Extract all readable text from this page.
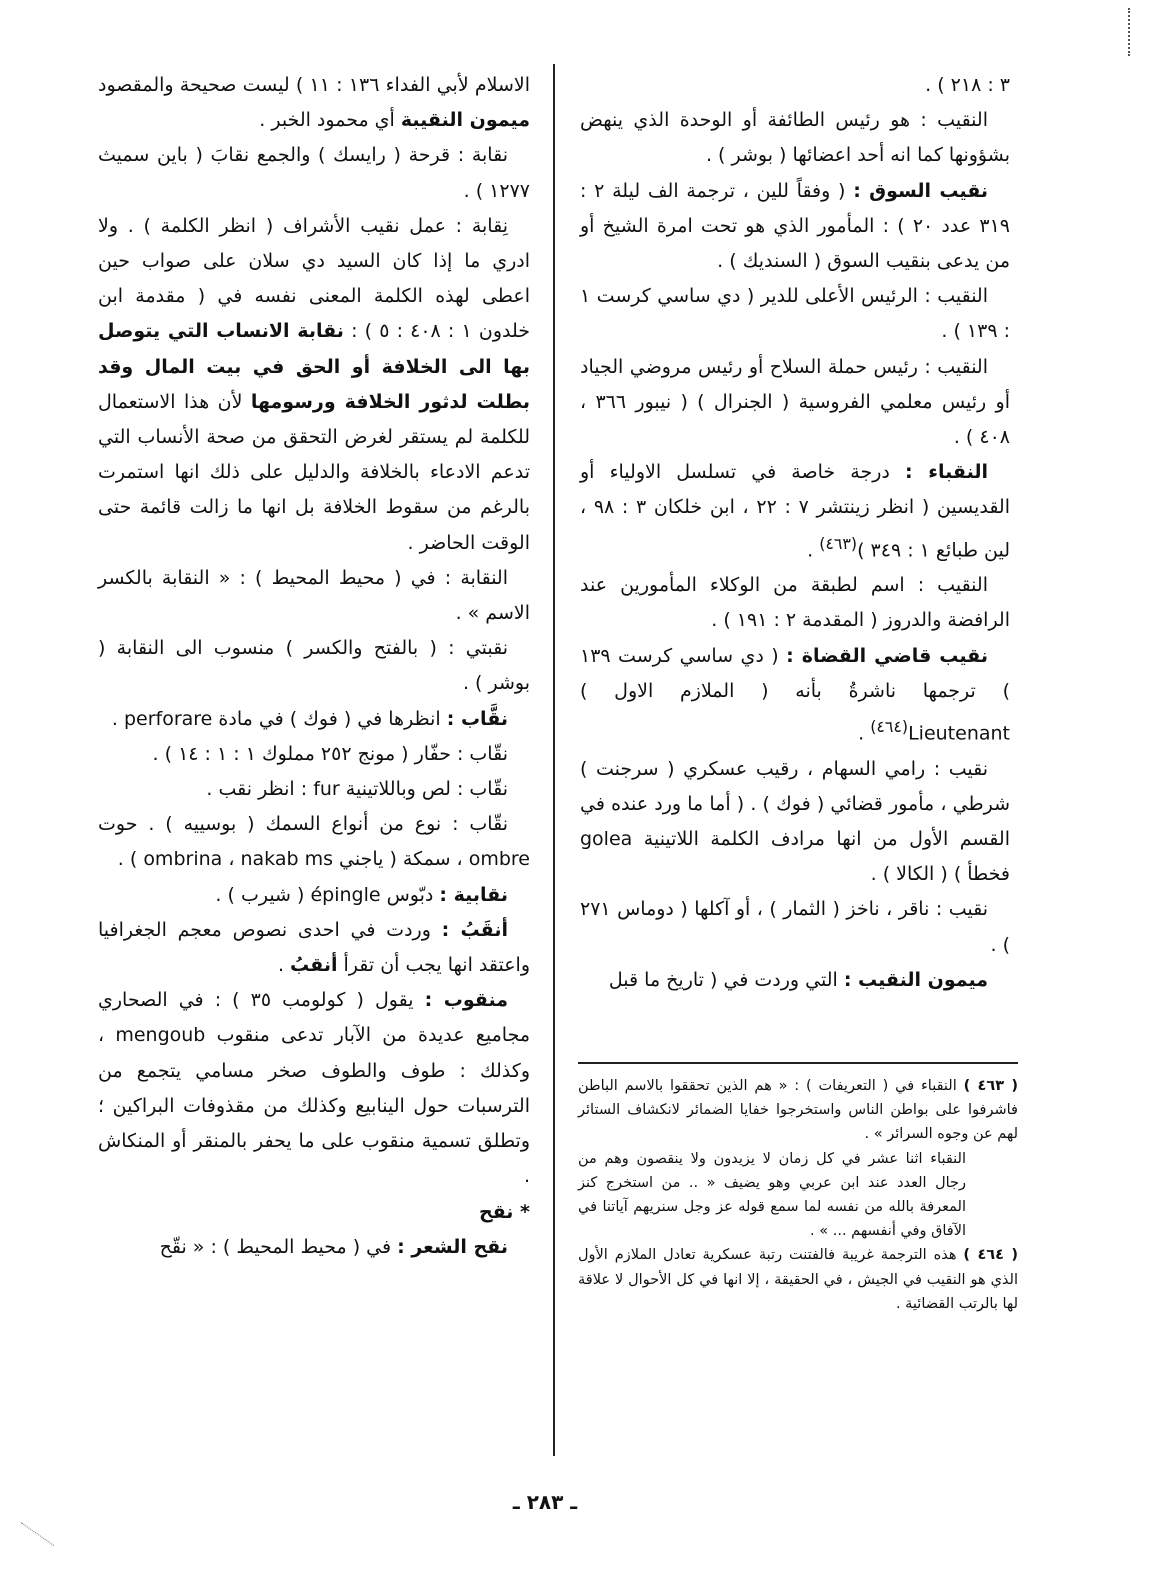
٣ : ٢١٨ ) .

النقيب : هو رئيس الطائفة أو الوحدة الذي ينهض بشؤونها كما انه أحد اعضائها ( بوشر ) .

نقيب السوق : ( وفقاً للين ، ترجمة الف ليلة ٢ : ٣١٩ عدد ٢٠ ) : المأمور الذي هو تحت امرة الشيخ أو من يدعى بنقيب السوق ( السنديك ) .

النقيب : الرئيس الأعلى للدير ( دي ساسي كرست ١ : ١٣٩ ) .

النقيب : رئيس حملة السلاح أو رئيس مروضي الجياد أو رئيس معلمي الفروسية ( الجنرال ) ( نيبور ٣٦٦ ، ٤٠٨ ) .

النقباء : درجة خاصة في تسلسل الاولياء أو القديسين ( انظر زينتشر ٧ : ٢٢ ، ابن خلكان ٣ : ٩٨ ، لين طبائع ١ : ٣٤٩ )$^{(٤٦٣)}$ .

النقيب : اسم لطبقة من الوكلاء المأمورين عند الرافضة والدروز ( المقدمة ٢ : ١٩١ ) .

نقيب قاضي القضاة : ( دي ساسي كرست ١٣٩ ) ترجمها ناشرةُ بأنه ( الملازم الاول ) Lieutenant$^{(٤٦٤)}$ .

نقيب : رامي السهام ، رقيب عسكري ( سرجنت ) شرطي ، مأمور قضائي ( فوك ) . ( أما ما ورد عنده في القسم الأول من انها مرادف الكلمة اللاتينية golea فخطأ ) ( الكالا ) .

نقيب : ناقر ، ناخز ( الثمار ) ، أو آكلها ( دوماس ٢٧١ ) .

ميمون النقيب : التي وردت في ( تاريخ ما قبل

الاسلام لأبي الفداء ١٣٦ : ١١ ) ليست صحيحة والمقصود ميمون النقيبة أي محمود الخبر .

نقابة : قرحة ( رايسك ) والجمع نقابَ ( باين سميث ١٢٧٧ ) .

نِقابة : عمل نقيب الأشراف ( انظر الكلمة ) . ولا ادري ما إذا كان السيد دي سلان على صواب حين اعطى لهذه الكلمة المعنى نفسه في ( مقدمة ابن خلدون ١ : ٤٠٨ : ٥ ) : نقابة الانساب التي يتوصل بها الى الخلافة أو الحق في بيت المال وقد بطلت لدثور الخلافة ورسومها لأن هذا الاستعمال للكلمة لم يستقر لغرض التحقق من صحة الأنساب التي تدعم الادعاء بالخلافة والدليل على ذلك انها استمرت بالرغم من سقوط الخلافة بل انها ما زالت قائمة حتى الوقت الحاضر .

النقابة : في ( محيط المحيط ) : « النقابة بالكسر الاسم » .

نقبتي : ( بالفتح والكسر ) منسوب الى النقابة ( بوشر ) .

نقَّاب : انظرها في ( فوك ) في مادة perforare .

نقّاب : حفّار ( مونج ٢٥٢ مملوك ١ : ١ : ١٤ ) .

نقّاب : لص وباللاتينية fur : انظر نقب .

نقّاب : نوع من أنواع السمك ( بوسييه ) . حوت ombre ، سمكة ( ياجني ombrina ، nakab ms ) .

نقابية : دبّوس épingle ( شيرب ) .

أنقَبُ : وردت في احدى نصوص معجم الجغرافيا واعتقد انها يجب أن تقرأ أنقبُ .

منقوب : يقول ( كولومب ٣٥ ) : في الصحاري مجاميع عديدة من الآبار تدعى منقوب mengoub ، وكذلك : طوف والطوف صخر مسامي يتجمع من الترسبات حول الينابيع وكذلك من مقذوفات البراكين ؛ وتطلق تسمية منقوب على ما يحفر بالمنقر أو المنكاش .

* نقح

نقح الشعر : في ( محيط المحيط ) : « نقّح

( ٤٦٣ ) النقباء في ( التعريفات ) : « هم الذين تحققوا بالاسم الباطن فاشرفوا على بواطن الناس واستخرجوا خفايا الضمائر لانكشاف الستائر لهم عن وجوه السرائر » .

النقباء اثنا عشر في كل زمان لا يزيدون ولا ينقصون وهم من رجال العدد عند ابن عربي وهو يضيف « .. من استخرج كنز المعرفة بالله من نفسه لما سمع قوله عز وجل سنريهم آياتنا في الآفاق وفي أنفسهم ... » .

( ٤٦٤ ) هذه الترجمة غريبة فالفتنت رتبة عسكرية تعادل الملازم الأول الذي هو النقيب في الجيش ، في الحقيقة ، إلا انها في كل الأحوال لا علاقة لها بالرتب القضائية .

ـ ٢٨٣ ـ
